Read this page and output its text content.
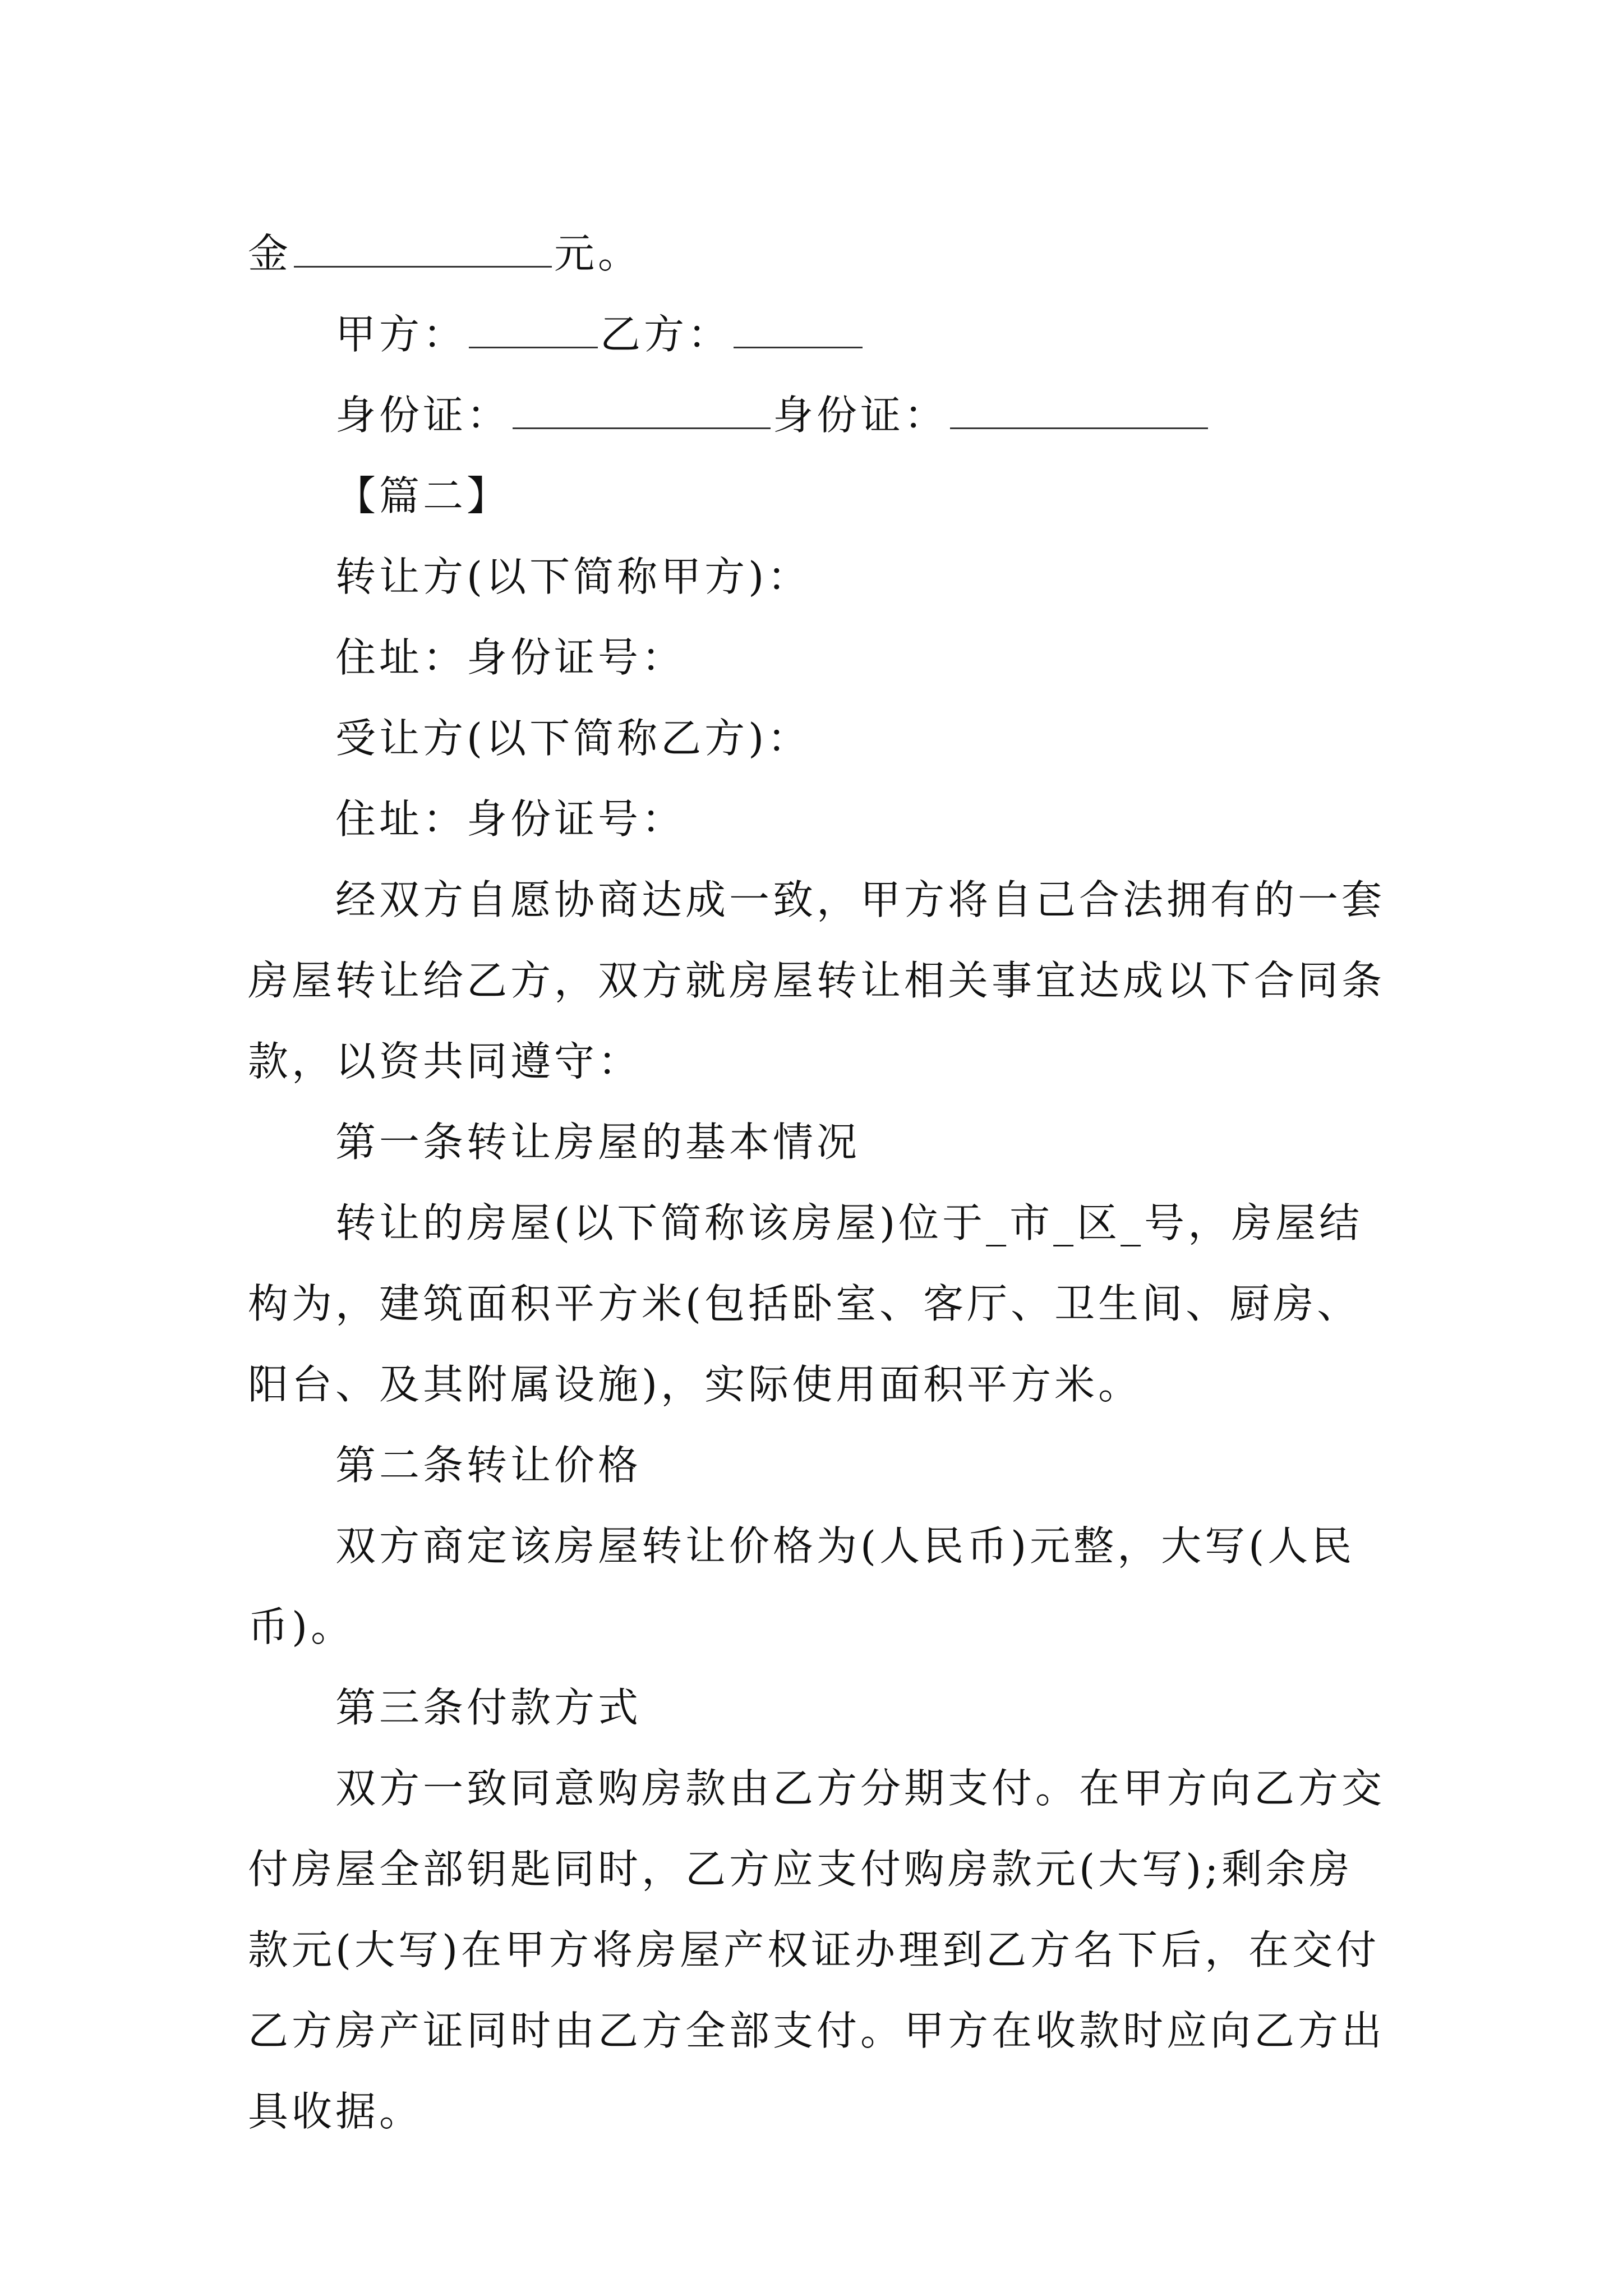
金	元。
甲方：	乙方：
身份证：	身份证：
【篇二】
转让方(以下简称甲方)：
住址：身份证号：
受让方(以下简称乙方)：
住址：身份证号：
经双方自愿协商达成一致，甲方将自己合法拥有的一套
房屋转让给乙方，双方就房屋转让相关事宜达成以下合同条
款，以资共同遵守：
第一条转让房屋的基本情况
转让的房屋(以下简称该房屋)位于_市_区_号，房屋结
构为，建筑面积平方米(包括卧室、客厅、卫生间、厨房、
阳台、及其附属设施)，实际使用面积平方米。
第二条转让价格
双方商定该房屋转让价格为(人民币)元整，大写(人民
币)。
第三条付款方式
双方一致同意购房款由乙方分期支付。在甲方向乙方交
付房屋全部钥匙同时，乙方应支付购房款元(大写);剩余房
款元(大写)在甲方将房屋产权证办理到乙方名下后，在交付
乙方房产证同时由乙方全部支付。甲方在收款时应向乙方出
具收据。
